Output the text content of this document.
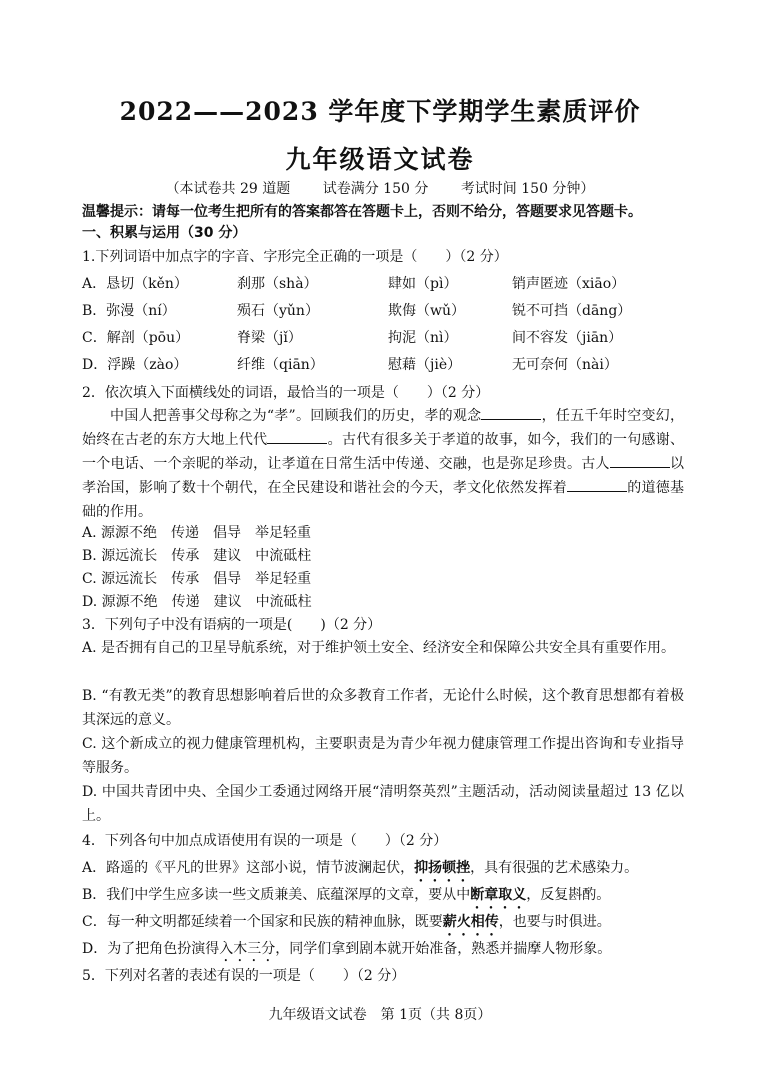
2022——2023 学年度下学期学生素质评价
九年级语文试卷
（本试卷共 29 道题 试卷满分 150 分 考试时间 150 分钟）
温馨提示：请每一位考生把所有的答案都答在答题卡上，否则不给分，答题要求见答题卡。
一、积累与运用（30 分）
1.下列词语中加点字的字音、字形完全正确的一项是（　　）（2 分）
A．恳切（kěn）	刹那（shà）	肆如（pì）	销声匿迹（xiāo）
B．弥漫（ní）	殒石（yǔn）	欺侮（wǔ）	锐不可挡（dāng）
C．解剖（pōu）	脊梁（jǐ）	拘泥（nì）	间不容发（jiān）
D．浮躁（zào）	纤维（qiān）	慰藉（jiè）	无可奈何（nài）
2．依次填入下面横线处的词语，最恰当的一项是（　　）（2 分）
中国人把善事父母称之为“孝”。回顾我们的历史，孝的观念	，任五千年时空变幻，始终在古老的东方大地上代代	。古代有很多关于孝道的故事，如今，我们的一句感谢、一个电话、一个亲昵的举动，让孝道在日常生活中传递、交融，也是弥足珍贵。古人	以孝治国，影响了数十个朝代，在全民建设和谐社会的今天，孝文化依然发挥着	的道德基础的作用。
A. 源源不绝　传递　倡导　举足轻重
B. 源远流长　传承　建议　中流砥柱
C. 源远流长　传承　倡导　举足轻重
D. 源源不绝　传递　建议　中流砥柱
3．下列句子中没有语病的一项是(　　)（2 分）
A. 是否拥有自己的卫星导航系统，对于维护领土安全、经济安全和保障公共安全具有重要作用。
B. “有教无类”的教育思想影响着后世的众多教育工作者，无论什么时候，这个教育思想都有着极其深远的意义。
C. 这个新成立的视力健康管理机构，主要职责是为青少年视力健康管理工作提出咨询和专业指导等服务。
D. 中国共青团中央、全国少工委通过网络开展“清明祭英烈”主题活动，活动阅读量超过 13 亿以上。
4．下列各句中加点成语使用有误的一项是（　　）（2 分）
A．路遥的《平凡的世界》这部小说，情节波澜起伏，抑扬顿挫，具有很强的艺术感染力。
B．我们中学生应多读一些文质兼美、底蕴深厚的文章，要从中断章取义，反复斟酌。
C．每一种文明都延续着一个国家和民族的精神血脉，既要薪火相传，也要与时俱进。
D．为了把角色扮演得入木三分，同学们拿到剧本就开始准备，熟悉并揣摩人物形象。
5．下列对名著的表述有误的一项是（　　）（2 分）
九年级语文试卷　第 1页（共 8页）
